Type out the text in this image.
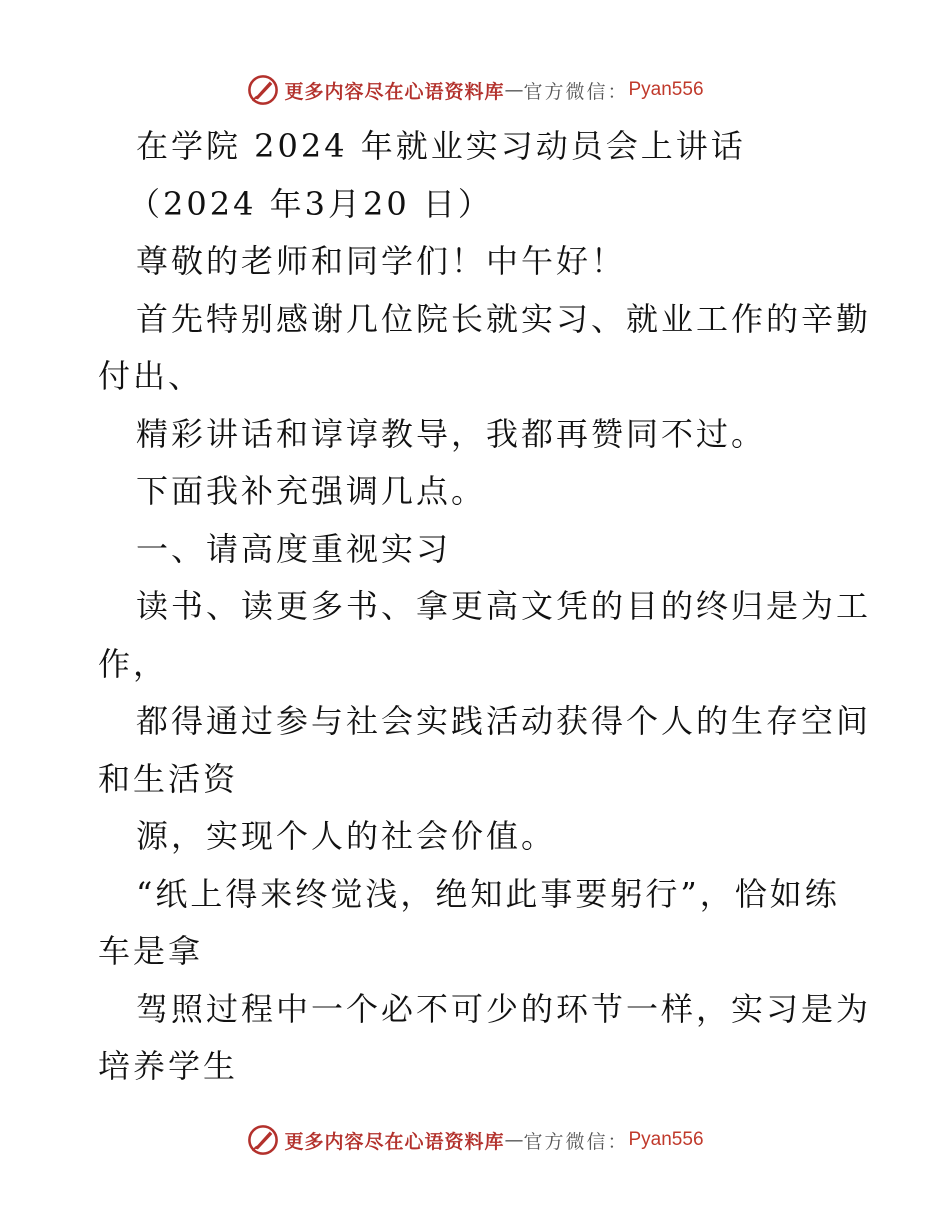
更多内容尽在心语资料库 — 官方微信： Pyan556
在学院 2024 年就业实习动员会上讲话
（2024 年3月20 日）
尊敬的老师和同学们！中午好！
首先特别感谢几位院长就实习、就业工作的辛勤
付出、
精彩讲话和谆谆教导，我都再赞同不过。
下面我补充强调几点。
一、请高度重视实习
读书、读更多书、拿更高文凭的目的终归是为工
作，
都得通过参与社会实践活动获得个人的生存空间
和生活资
源，实现个人的社会价值。
“纸上得来终觉浅，绝知此事要躬行”，恰如练
车是拿
驾照过程中一个必不可少的环节一样，实习是为
培养学生
更多内容尽在心语资料库 — 官方微信： Pyan556
